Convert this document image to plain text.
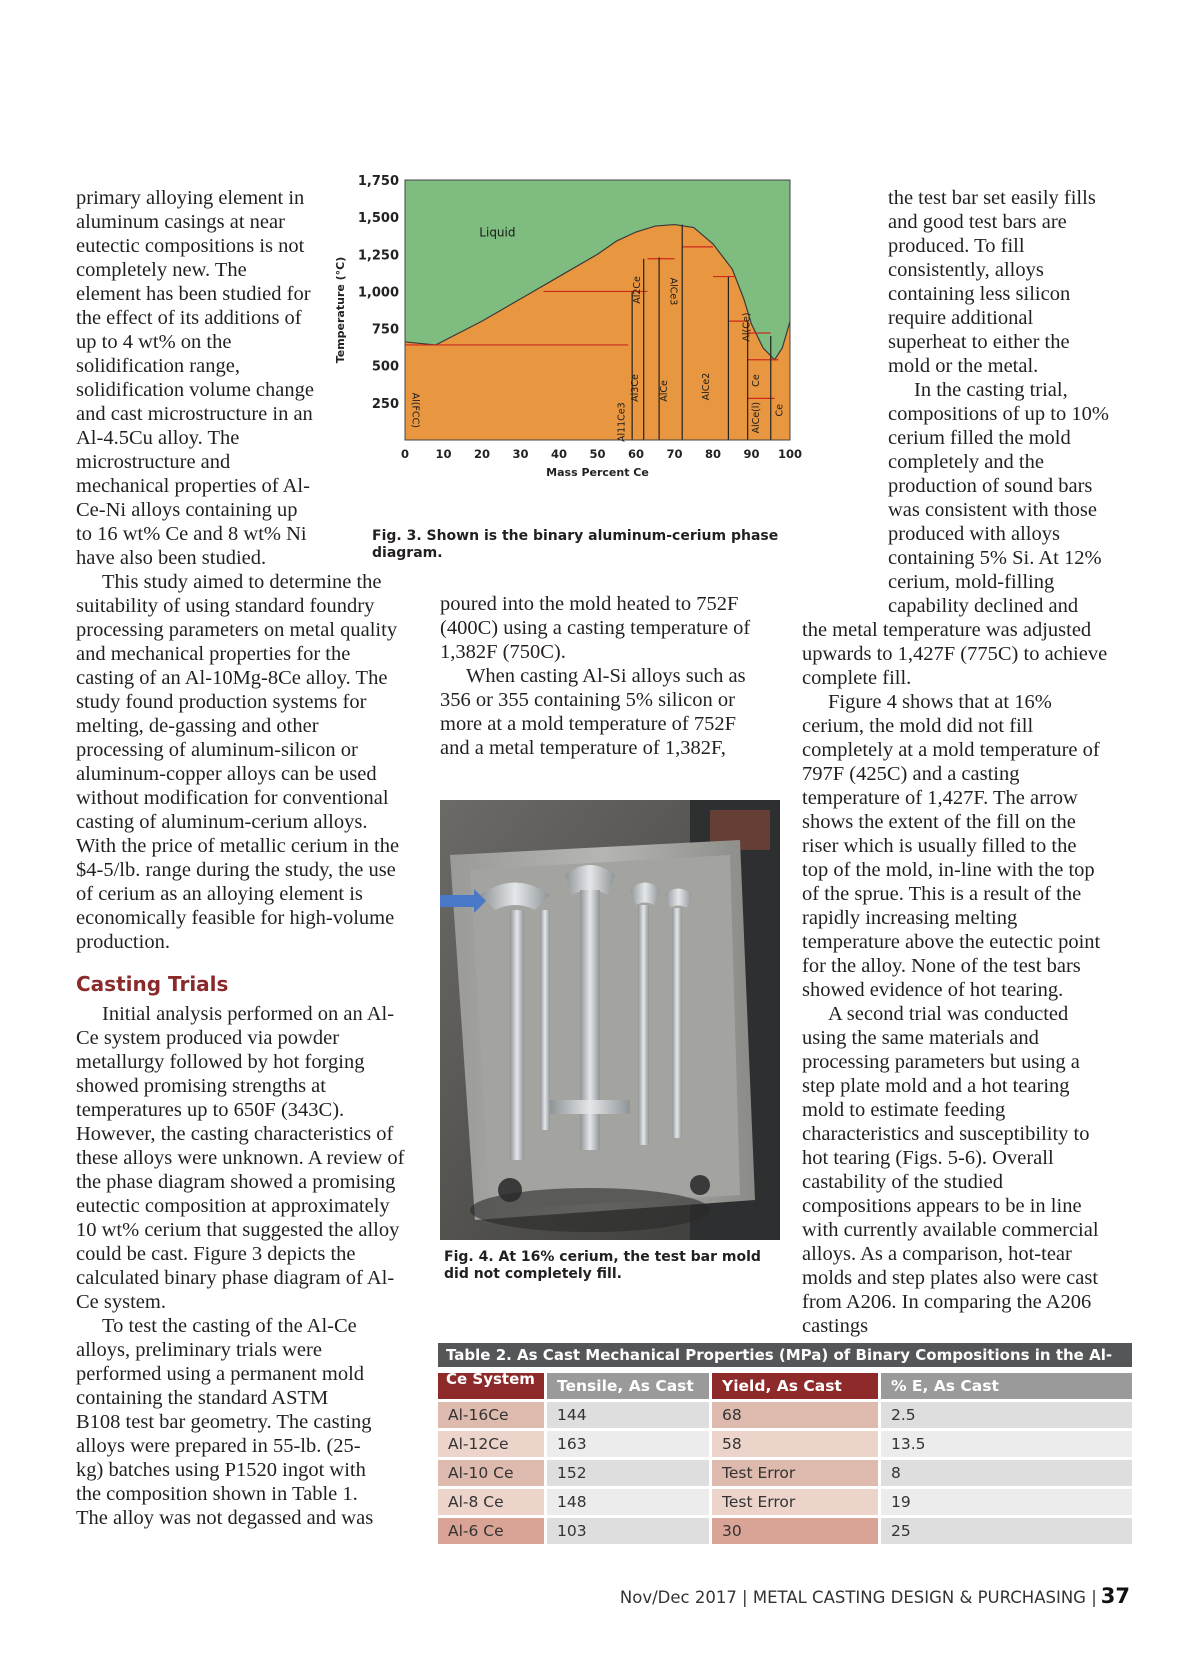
primary alloying element in aluminum casings at near eutectic compositions is not completely new. The element has been studied for the effect of its additions of up to 4 wt% on the solidification range, solidification volume change and cast microstructure in an Al-4.5Cu alloy. The microstructure and mechanical properties of Al-Ce-Ni alloys containing up to 16 wt% Ce and 8 wt% Ni have also been studied.

This study aimed to determine the suitability of using standard foundry processing parameters on metal quality and mechanical properties for the casting of an Al-10Mg-8Ce alloy. The study found production systems for melting, de-gassing and other processing of aluminum-silicon or aluminum-copper alloys can be used without modification for conventional casting of aluminum-cerium alloys. With the price of metallic cerium in the $4-5/lb. range during the study, the use of cerium as an alloying element is economically feasible for high-volume production.

Casting Trials

Initial analysis performed on an Al-Ce system produced via powder metallurgy followed by hot forging showed promising strengths at temperatures up to 650F (343C). However, the casting characteristics of these alloys were unknown. A review of the phase diagram showed a promising eutectic composition at approximately 10 wt% cerium that suggested the alloy could be cast. Figure 3 depicts the calculated binary phase diagram of Al-Ce system.

To test the casting of the Al-Ce alloys, preliminary trials were performed using a permanent mold containing the standard ASTM B108 test bar geometry. The casting alloys were prepared in 55-lb. (25-kg) batches using P1520 ingot with the composition shown in Table 1. The alloy was not degassed and was

Liquid
Al(FCC)	Al11Ce3
Al3Ce
Al2Ce
AlCe
AlCe3
AlCe2
Al(Ce)
AlCe(l)
Ce
Ce
0 10 20 30 40 50 60 70 80 90 100
250
500
750
1,000
1,250
1,500
1,750
Mass Percent Ce
Temperature (°C)
Fig. 3. Shown is the binary aluminum-cerium phase diagram.

poured into the mold heated to 752F (400C) using a casting temperature of 1,382F (750C).

When casting Al-Si alloys such as 356 or 355 containing 5% silicon or more at a mold temperature of 752F and a metal temperature of 1,382F,

Fig. 4. At 16% cerium, the test bar mold did not completely fill.

the test bar set easily fills and good test bars are produced. To fill consistently, alloys containing less silicon require additional superheat to either the mold or the metal.

In the casting trial, compositions of up to 10% cerium filled the mold completely and the production of sound bars was consistent with those produced with alloys containing 5% Si. At 12% cerium, mold-filling capability declined and

the metal temperature was adjusted upwards to 1,427F (775C) to achieve complete fill.

Figure 4 shows that at 16% cerium, the mold did not fill completely at a mold temperature of 797F (425C) and a casting temperature of 1,427F. The arrow shows the extent of the fill on the riser which is usually filled to the top of the mold, in-line with the top of the sprue. This is a result of the rapidly increasing melting temperature above the eutectic point for the alloy. None of the test bars showed evidence of hot tearing.

A second trial was conducted using the same materials and processing parameters but using a step plate mold and a hot tearing mold to estimate feeding characteristics and susceptibility to hot tearing (Figs. 5-6). Overall castability of the studied compositions appears to be in line with currently available commercial alloys. As a comparison, hot-tear molds and step plates also were cast from A206. In comparing the A206 castings

Table 2. As Cast Mechanical Properties (MPa) of Binary Compositions in the Al-Ce System
		Tensile, As Cast	Yield, As Cast	% E, As Cast
Al-16Ce	144	68	2.5
Al-12Ce	163	58	13.5
Al-10 Ce	152	Test Error	8
Al-8 Ce	148	Test Error	19
Al-6 Ce	103	30	25
Nov/Dec 2017 | METAL CASTING DESIGN & PURCHASING | 37
